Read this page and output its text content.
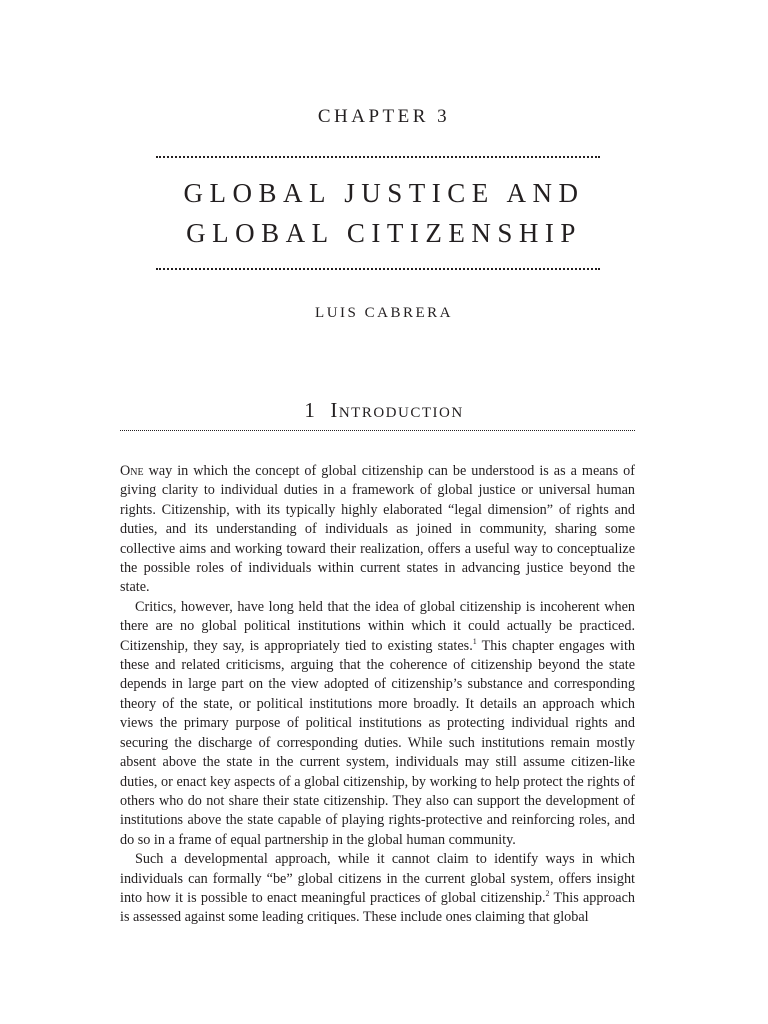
CHAPTER 3
GLOBAL JUSTICE AND
GLOBAL CITIZENSHIP
LUIS CABRERA
1 Introduction

One way in which the concept of global citizenship can be understood is as a means of giving clarity to individual duties in a framework of global justice or universal human rights. Citizenship, with its typically highly elaborated “legal dimension” of rights and duties, and its understanding of individuals as joined in community, sharing some collective aims and working toward their realization, offers a useful way to conceptualize the possible roles of individuals within current states in advancing justice beyond the state.

Critics, however, have long held that the idea of global citizenship is incoherent when there are no global political institutions within which it could actually be practiced. Citizenship, they say, is appropriately tied to existing states.$^1$ This chapter engages with these and related criticisms, arguing that the coherence of citizenship beyond the state depends in large part on the view adopted of citizenship’s substance and corresponding theory of the state, or political institutions more broadly. It details an approach which views the primary purpose of political institutions as protecting individual rights and securing the discharge of corresponding duties. While such institutions remain mostly absent above the state in the current system, individuals may still assume citizen-like duties, or enact key aspects of a global citizenship, by working to help protect the rights of others who do not share their state citizenship. They also can support the development of institutions above the state capable of playing rights-protective and reinforcing roles, and do so in a frame of equal partnership in the global human community.

Such a developmental approach, while it cannot claim to identify ways in which individuals can formally “be” global citizens in the current global system, offers insight into how it is possible to enact meaningful practices of global citizenship.$^2$ This approach is assessed against some leading critiques. These include ones claiming that global
